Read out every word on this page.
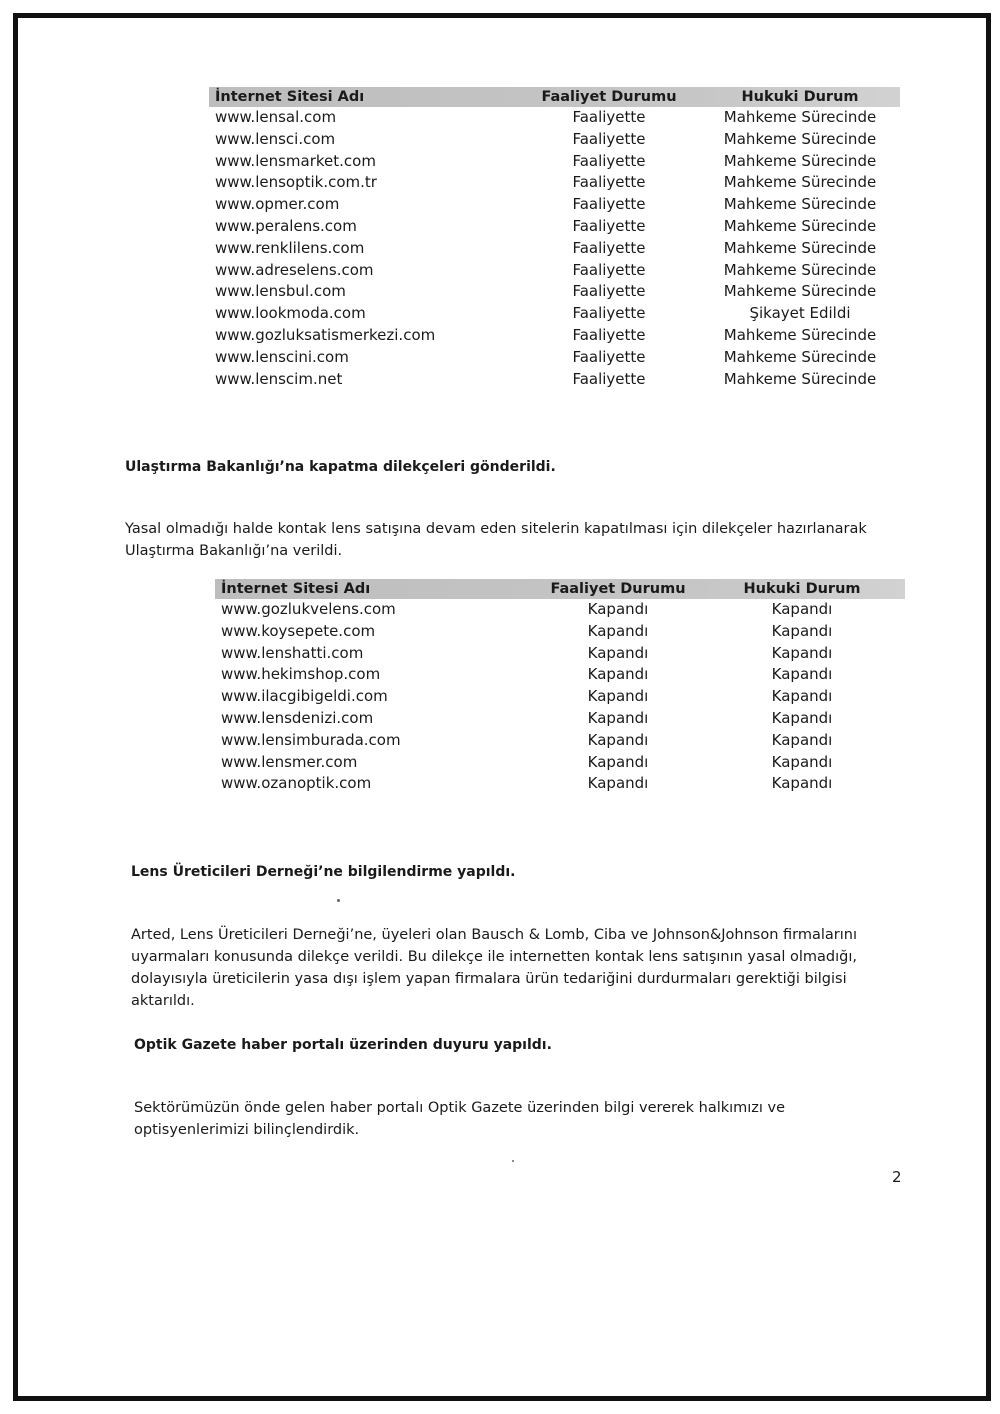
İnternet Sitesi Adı	Faaliyet Durumu	Hukuki Durum
www.lensal.com	Faaliyette	Mahkeme Sürecinde
www.lensci.com	Faaliyette	Mahkeme Sürecinde
www.lensmarket.com	Faaliyette	Mahkeme Sürecinde
www.lensoptik.com.tr	Faaliyette	Mahkeme Sürecinde
www.opmer.com	Faaliyette	Mahkeme Sürecinde
www.peralens.com	Faaliyette	Mahkeme Sürecinde
www.renklilens.com	Faaliyette	Mahkeme Sürecinde
www.adreselens.com	Faaliyette	Mahkeme Sürecinde
www.lensbul.com	Faaliyette	Mahkeme Sürecinde
www.lookmoda.com	Faaliyette	Şikayet Edildi
www.gozluksatismerkezi.com	Faaliyette	Mahkeme Sürecinde
www.lenscini.com	Faaliyette	Mahkeme Sürecinde
www.lenscim.net	Faaliyette	Mahkeme Sürecinde
Ulaştırma Bakanlığı’na kapatma dilekçeleri gönderildi.
Yasal olmadığı halde kontak lens satışına devam eden sitelerin kapatılması için dilekçeler hazırlanarak Ulaştırma Bakanlığı’na verildi.
İnternet Sitesi Adı	Faaliyet Durumu	Hukuki Durum
www.gozlukvelens.com	Kapandı	Kapandı
www.koysepete.com	Kapandı	Kapandı
www.lenshatti.com	Kapandı	Kapandı
www.hekimshop.com	Kapandı	Kapandı
www.ilacgibigeldi.com	Kapandı	Kapandı
www.lensdenizi.com	Kapandı	Kapandı
www.lensimburada.com	Kapandı	Kapandı
www.lensmer.com	Kapandı	Kapandı
www.ozanoptik.com	Kapandı	Kapandı
Lens Üreticileri Derneği’ne bilgilendirme yapıldı.
Arted, Lens Üreticileri Derneği’ne, üyeleri olan Bausch & Lomb, Ciba ve Johnson&Johnson firmalarını uyarmaları konusunda dilekçe verildi. Bu dilekçe ile internetten kontak lens satışının yasal olmadığı, dolayısıyla üreticilerin yasa dışı işlem yapan firmalara ürün tedariğini durdurmaları gerektiği bilgisi aktarıldı.
Optik Gazete haber portalı üzerinden duyuru yapıldı.
Sektörümüzün önde gelen haber portalı Optik Gazete üzerinden bilgi vererek halkımızı ve optisyenlerimizi bilinçlendirdik.
2
